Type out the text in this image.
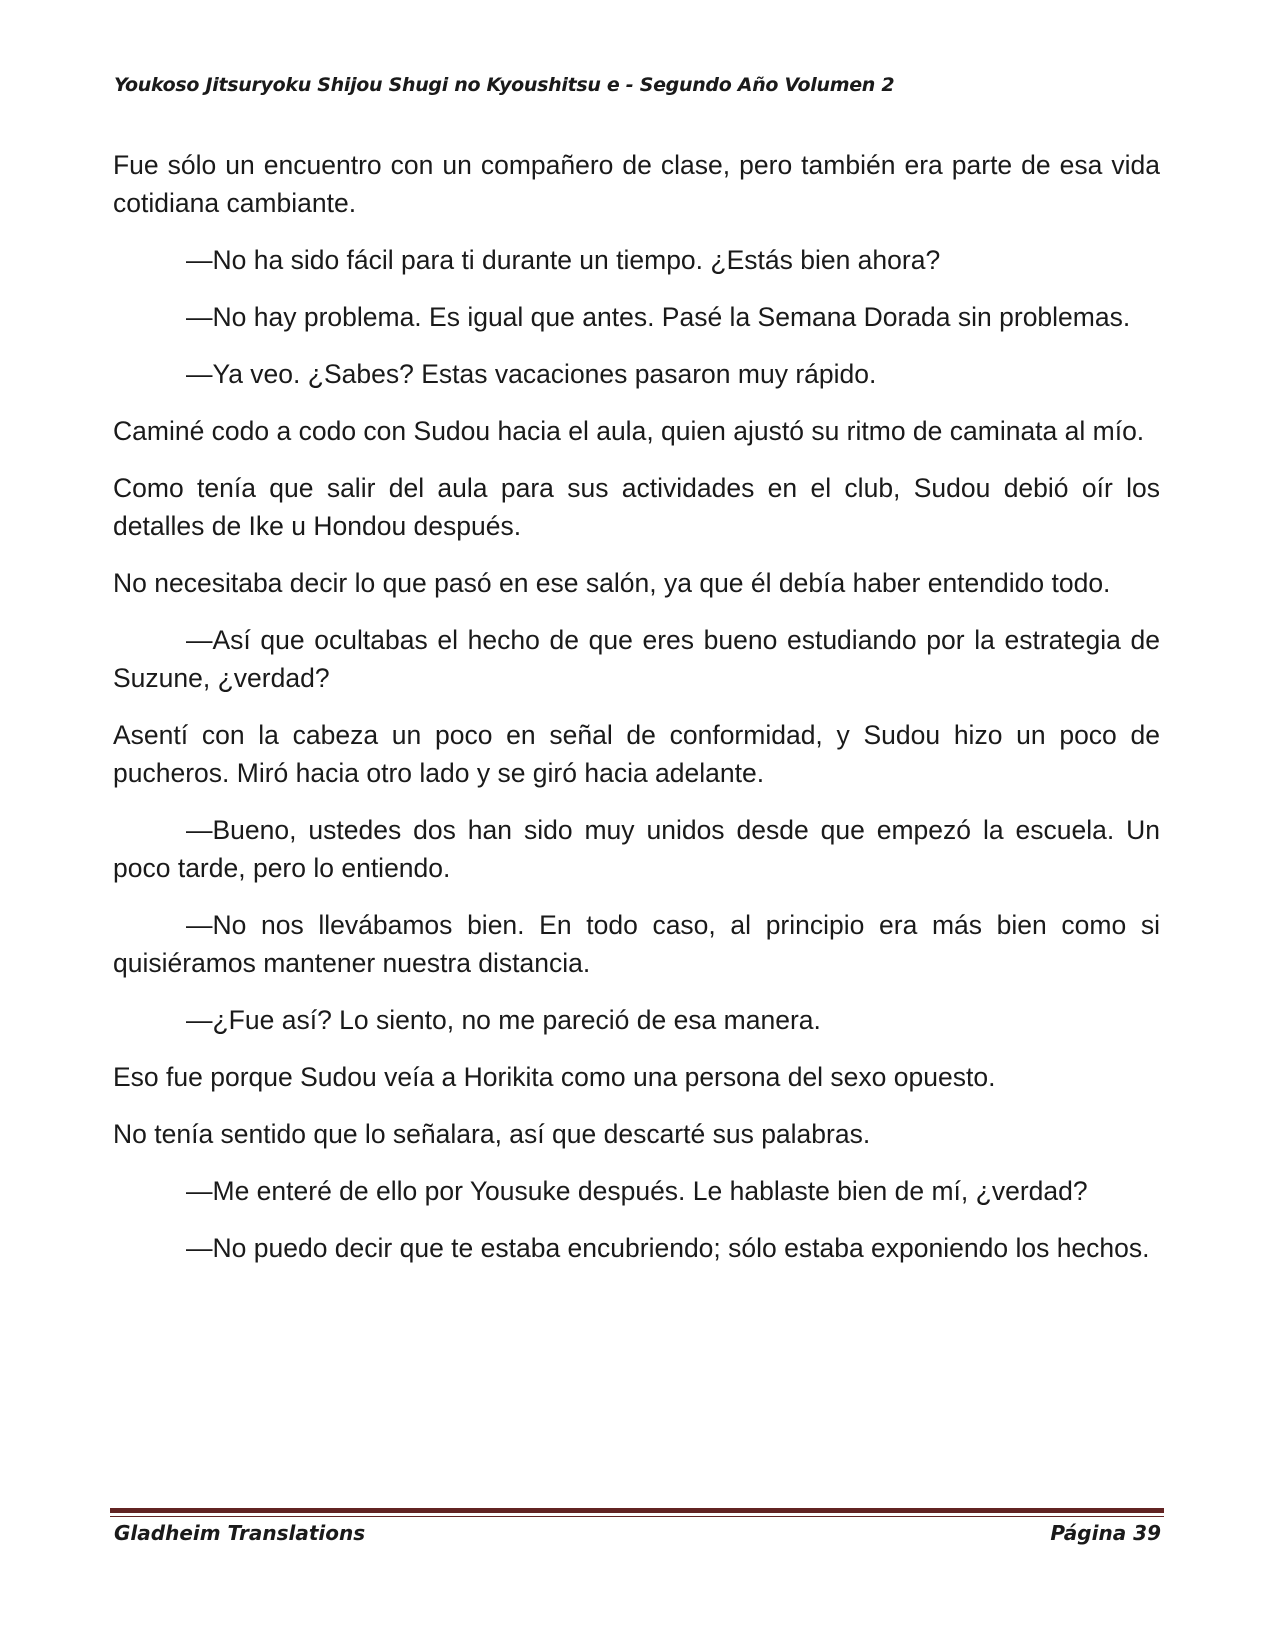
Youkoso Jitsuryoku Shijou Shugi no Kyoushitsu e - Segundo Año Volumen 2

Fue sólo un encuentro con un compañero de clase, pero también era parte de esa vida cotidiana cambiante.

—No ha sido fácil para ti durante un tiempo. ¿Estás bien ahora?

—No hay problema. Es igual que antes. Pasé la Semana Dorada sin problemas.

—Ya veo. ¿Sabes? Estas vacaciones pasaron muy rápido.

Caminé codo a codo con Sudou hacia el aula, quien ajustó su ritmo de caminata al mío.

Como tenía que salir del aula para sus actividades en el club, Sudou debió oír los detalles de Ike u Hondou después.

No necesitaba decir lo que pasó en ese salón, ya que él debía haber entendido todo.

—Así que ocultabas el hecho de que eres bueno estudiando por la estrategia de Suzune, ¿verdad?

Asentí con la cabeza un poco en señal de conformidad, y Sudou hizo un poco de pucheros. Miró hacia otro lado y se giró hacia adelante.

—Bueno, ustedes dos han sido muy unidos desde que empezó la escuela. Un poco tarde, pero lo entiendo.

—No nos llevábamos bien. En todo caso, al principio era más bien como si quisiéramos mantener nuestra distancia.

—¿Fue así? Lo siento, no me pareció de esa manera.

Eso fue porque Sudou veía a Horikita como una persona del sexo opuesto.

No tenía sentido que lo señalara, así que descarté sus palabras.

—Me enteré de ello por Yousuke después. Le hablaste bien de mí, ¿verdad?

—No puedo decir que te estaba encubriendo; sólo estaba exponiendo los hechos.

Gladheim Translations	Página 39
